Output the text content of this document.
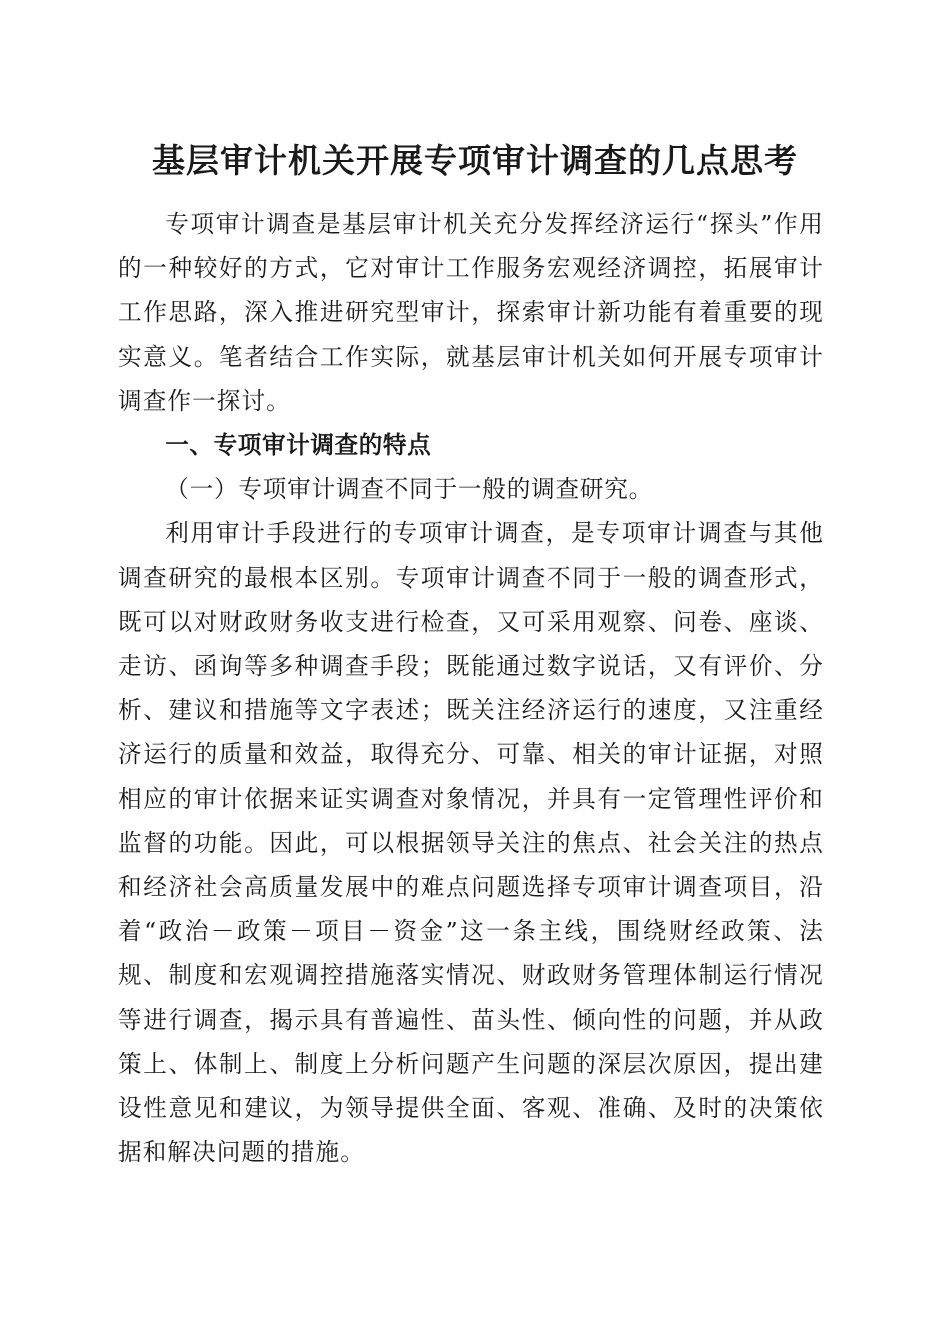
基层审计机关开展专项审计调查的几点思考

专项审计调查是基层审计机关充分发挥经济运行“探头”作用的一种较好的方式，它对审计工作服务宏观经济调控，拓展审计工作思路，深入推进研究型审计，探索审计新功能有着重要的现实意义。笔者结合工作实际，就基层审计机关如何开展专项审计调查作一探讨。

一、专项审计调查的特点

（一）专项审计调查不同于一般的调查研究。

利用审计手段进行的专项审计调查，是专项审计调查与其他调查研究的最根本区别。专项审计调查不同于一般的调查形式，既可以对财政财务收支进行检查，又可采用观察、问卷、座谈、走访、函询等多种调查手段；既能通过数字说话，又有评价、分析、建议和措施等文字表述；既关注经济运行的速度，又注重经济运行的质量和效益，取得充分、可靠、相关的审计证据，对照相应的审计依据来证实调查对象情况，并具有一定管理性评价和监督的功能。因此，可以根据领导关注的焦点、社会关注的热点和经济社会高质量发展中的难点问题选择专项审计调查项目，沿着“政治－政策－项目－资金”这一条主线，围绕财经政策、法规、制度和宏观调控措施落实情况、财政财务管理体制运行情况等进行调查，揭示具有普遍性、苗头性、倾向性的问题，并从政策上、体制上、制度上分析问题产生问题的深层次原因，提出建设性意见和建议，为领导提供全面、客观、准确、及时的决策依据和解决问题的措施。
